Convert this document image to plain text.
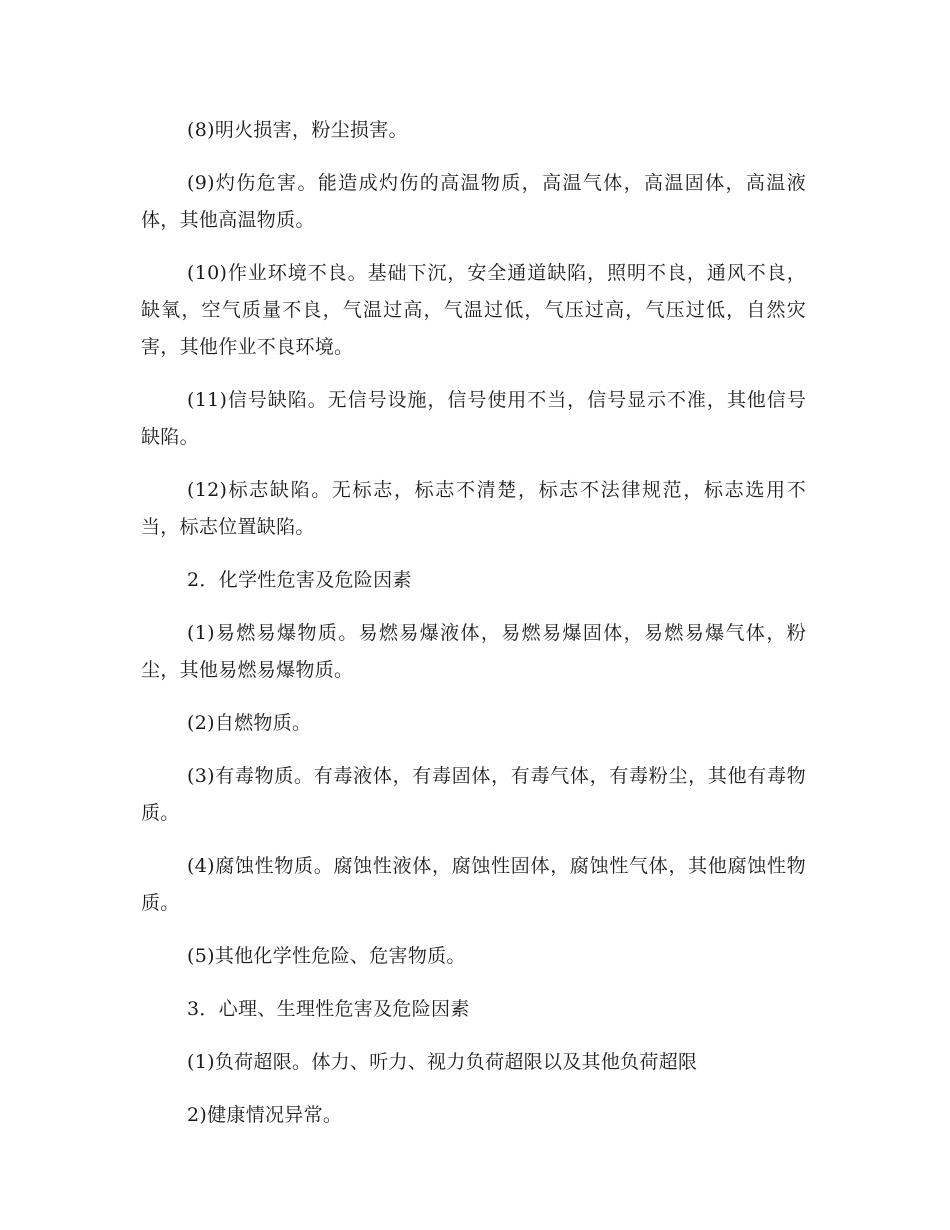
(8)明火损害，粉尘损害。

(9)灼伤危害。能造成灼伤的高温物质，高温气体，高温固体，高温液体，其他高温物质。

(10)作业环境不良。基础下沉，安全通道缺陷，照明不良，通风不良，缺氧，空气质量不良，气温过高，气温过低，气压过高，气压过低，自然灾害，其他作业不良环境。

(11)信号缺陷。无信号设施，信号使用不当，信号显示不准，其他信号缺陷。

(12)标志缺陷。无标志，标志不清楚，标志不法律规范，标志选用不当，标志位置缺陷。

2．化学性危害及危险因素

(1)易燃易爆物质。易燃易爆液体，易燃易爆固体，易燃易爆气体，粉尘，其他易燃易爆物质。

(2)自燃物质。

(3)有毒物质。有毒液体，有毒固体，有毒气体，有毒粉尘，其他有毒物质。

(4)腐蚀性物质。腐蚀性液体，腐蚀性固体，腐蚀性气体，其他腐蚀性物质。

(5)其他化学性危险、危害物质。

3．心理、生理性危害及危险因素

(1)负荷超限。体力、听力、视力负荷超限以及其他负荷超限

2)健康情况异常。
